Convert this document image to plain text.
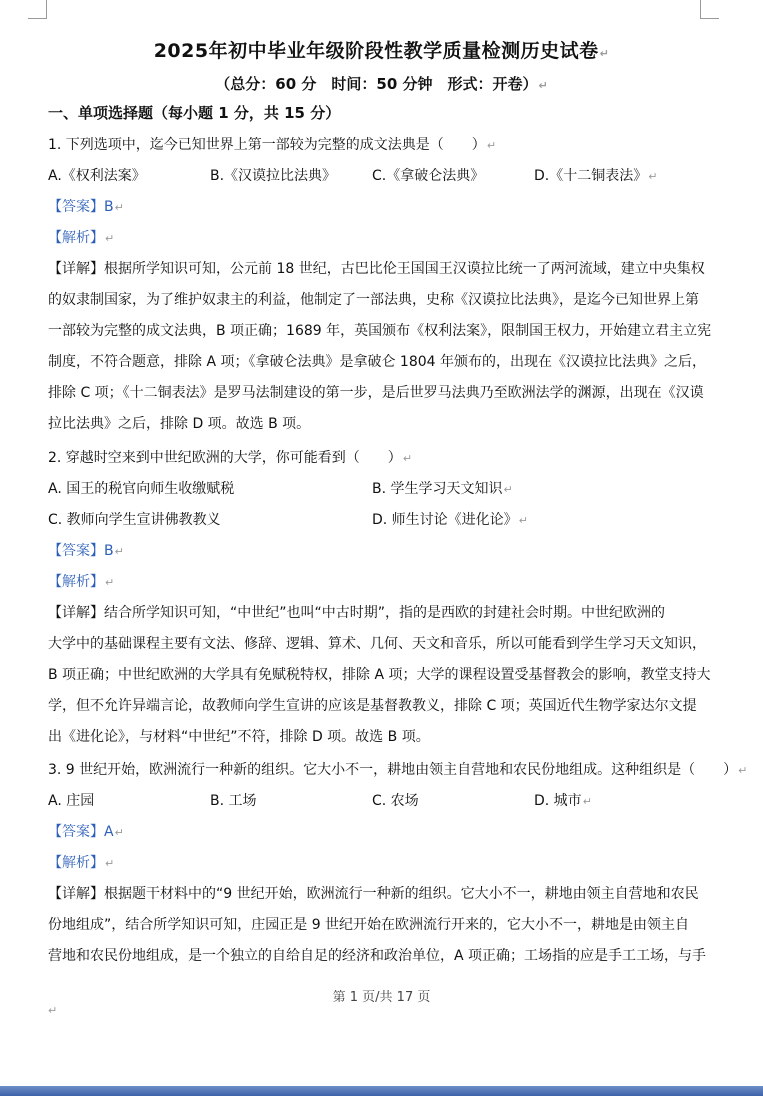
2025年初中毕业年级阶段性教学质量检测历史试卷↵
（总分：60 分　时间：50 分钟　形式：开卷）↵
一、单项选择题（每小题 1 分，共 15 分）
1. 下列选项中，迄今已知世界上第一部较为完整的成文法典是（　　）↵
A.《权利法案》	B.《汉谟拉比法典》	C.《拿破仑法典》	D.《十二铜表法》↵
【答案】B↵
【解析】↵
【详解】根据所学知识可知，公元前 18 世纪，古巴比伦王国国王汉谟拉比统一了两河流域，建立中央集权
的奴隶制国家，为了维护奴隶主的利益，他制定了一部法典，史称《汉谟拉比法典》，是迄今已知世界上第
一部较为完整的成文法典，B 项正确；1689 年，英国颁布《权利法案》，限制国王权力，开始建立君主立宪
制度，不符合题意，排除 A 项；《拿破仑法典》是拿破仑 1804 年颁布的，出现在《汉谟拉比法典》之后，
排除 C 项；《十二铜表法》是罗马法制建设的第一步，是后世罗马法典乃至欧洲法学的渊源，出现在《汉谟
拉比法典》之后，排除 D 项。故选 B 项。
2. 穿越时空来到中世纪欧洲的大学，你可能看到（　　）↵
A. 国王的税官向师生收缴赋税	B. 学生学习天文知识↵
C. 教师向学生宣讲佛教教义	D. 师生讨论《进化论》↵
【答案】B↵
【解析】↵
【详解】结合所学知识可知，“中世纪”也叫“中古时期”，指的是西欧的封建社会时期。中世纪欧洲的
大学中的基础课程主要有文法、修辞、逻辑、算术、几何、天文和音乐，所以可能看到学生学习天文知识，
B 项正确；中世纪欧洲的大学具有免赋税特权，排除 A 项；大学的课程设置受基督教会的影响，教堂支持大
学，但不允许异端言论，故教师向学生宣讲的应该是基督教教义，排除 C 项；英国近代生物学家达尔文提
出《进化论》，与材料“中世纪”不符，排除 D 项。故选 B 项。
3. 9 世纪开始，欧洲流行一种新的组织。它大小不一，耕地由领主自营地和农民份地组成。这种组织是（　　）↵
A. 庄园	B. 工场	C. 农场	D. 城市↵
【答案】A↵
【解析】↵
【详解】根据题干材料中的“9 世纪开始，欧洲流行一种新的组织。它大小不一，耕地由领主自营地和农民
份地组成”，结合所学知识可知，庄园正是 9 世纪开始在欧洲流行开来的，它大小不一，耕地是由领主自
营地和农民份地组成，是一个独立的自给自足的经济和政治单位，A 项正确；工场指的应是手工工场，与手
第 1 页/共 17 页
↵
